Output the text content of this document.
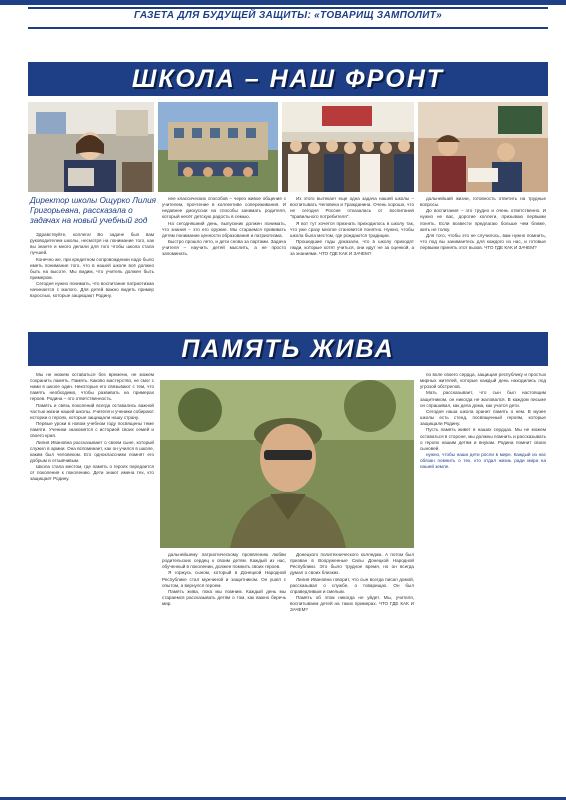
ГАЗЕТА ДЛЯ БУДУЩЕЙ ЗАЩИТЫ: «ТОВАРИЩ ЗАМПОЛИТ»
ШКОЛА – НАШ ФРОНТ
Директор школы Ощурко Лилия Григорьевна, рассказала о задачах на новый учебный год

Здравствуйте, коллега! Во задаче был вам руководителем школы, несмотря на понимание того, как вы знаете и много делали для того чтобы школа стала лучшей.

Конечно же, при кредитном сопровождении надо было иметь понимание того, что в нашей школе всё должно быть на высоте. Мы видим, что учитель должен быть примером.

Сегодня нужно понимать, что воспитание патриотизма начинается с малого. Для детей важно видеть пример взрослых, которые защищают Родину.

нее классических способов – через живое общение с учителем, прочтение в коллективе сопереживания. И недавнее дискуссии на способы занимать родителя, который несёт детскую радость в семью.

На сегодняшний день, выпускник должен понимать, что знания – это его оружие. Мы стараемся прививать детям понимание ценности образования и патриотизма.

Быстро прошло лето, и дети снова за партами. Задача учителя – научить детей мыслить, а не просто запоминать.

Из этого вытекает еще одна задача нашей школы – воспитывать Человека и Гражданина. Очень хорошо, что не сегодня Россия отказалась от воспитания "правильного потребителя".

Я вот тут хочется признать приходилось в школу так, что уже сразу многое становится понятно. Нужно, чтобы школа была местом, где рождаются традиции.

Прошедшие годы доказали, что в школу приходят люди, которые хотят учиться, они идут не за оценкой, а за знаниями. ЧТО ГДЕ КАК И ЗАЧЕМ?

дальнейший жизни, готовность ответить на трудные вопросы.

До воспитания – это трудно и очень ответственно. И нужно не вас, дорогие коллеги, призываю первыми понять. Если возвести предлагаю больше чем ближе, жить не толку.

Для того, чтобы это не случилось, вам нужно помнить, что под вы занимаетесь для каждого из нас, и готовые первыми принять этот вызов. ЧТО ГДЕ КАК И ЗАЧЕМ?

ПАМЯТЬ ЖИВА

Мы не можем оставаться без времени, не можем сохранить память. Память. Каково мастерство, не смог с ними в школе один. Некоторые его связывают с тем, что память необходимо, чтобы развивать на примерах героев. Родина – это ответственность.

Память и связь поколений всегда оставались важной частью жизни нашей школы. Учителя и ученики собирают истории о героях, которые защищали нашу страну.

Первые уроки в новом учебном году посвящены теме памяти. Ученики знакомятся с историей своих семей и своего края.

Лилия Ивановна рассказывает о своем сыне, который служил в армии. Она вспоминает, как он учился в школе, каким был человеком. Его одноклассники помнят его добрым и отзывчивым.

Школа стала местом, где память о героях передается от поколения к поколению. Дети знают имена тех, кто защищает Родину.

дальнейшему патриотическому проявлению любви родительских сердец к своим детям. Каждый из нас, обученный в поколении, должен помнить своих героев.

Я горжусь сыном, который в Донецкой Народной Республике стал мужчиной и защитником. Он ушел с опытом, а вернулся героем.

Память жива, пока мы помним. Каждый день мы стараемся рассказывать детям о том, как важно беречь мир.

Донецкого политехнического колледжа. А потом был призван в Вооруженные Силы Донецкой Народной Республики. Это было трудное время, но он всегда думал о своих близких.

Лилия Ивановна говорит, что сын всегда писал домой, рассказывал о службе, о товарищах. Он был справедливым и смелым.

Память об этом никогда не уйдет. Мы, учителя, воспитываем детей на таких примерах. ЧТО ГДЕ КАК И ЗАЧЕМ?

по воле своего сердца, защищая республику и простых мирных жителей, которые каждый день находились под угрозой обстрелов.

Мать рассказывает, что сын был настоящим защитником, он никогда не жаловался. В каждом письме он спрашивал, как дела дома, как учатся дети.

Сегодня наша школа хранит память о нем. В музее школы есть стенд, посвященный героям, которые защищали Родину.

Пусть память живет в наших сердцах. Мы не можем оставаться в стороне, мы должны помнить и рассказывать о героях нашим детям и внукам. Родина помнит своих сыновей.

нужно, чтобы наши дети росли в мире. Каждый из нас обязан помнить о тех, кто отдал жизнь ради мира на нашей земле.
